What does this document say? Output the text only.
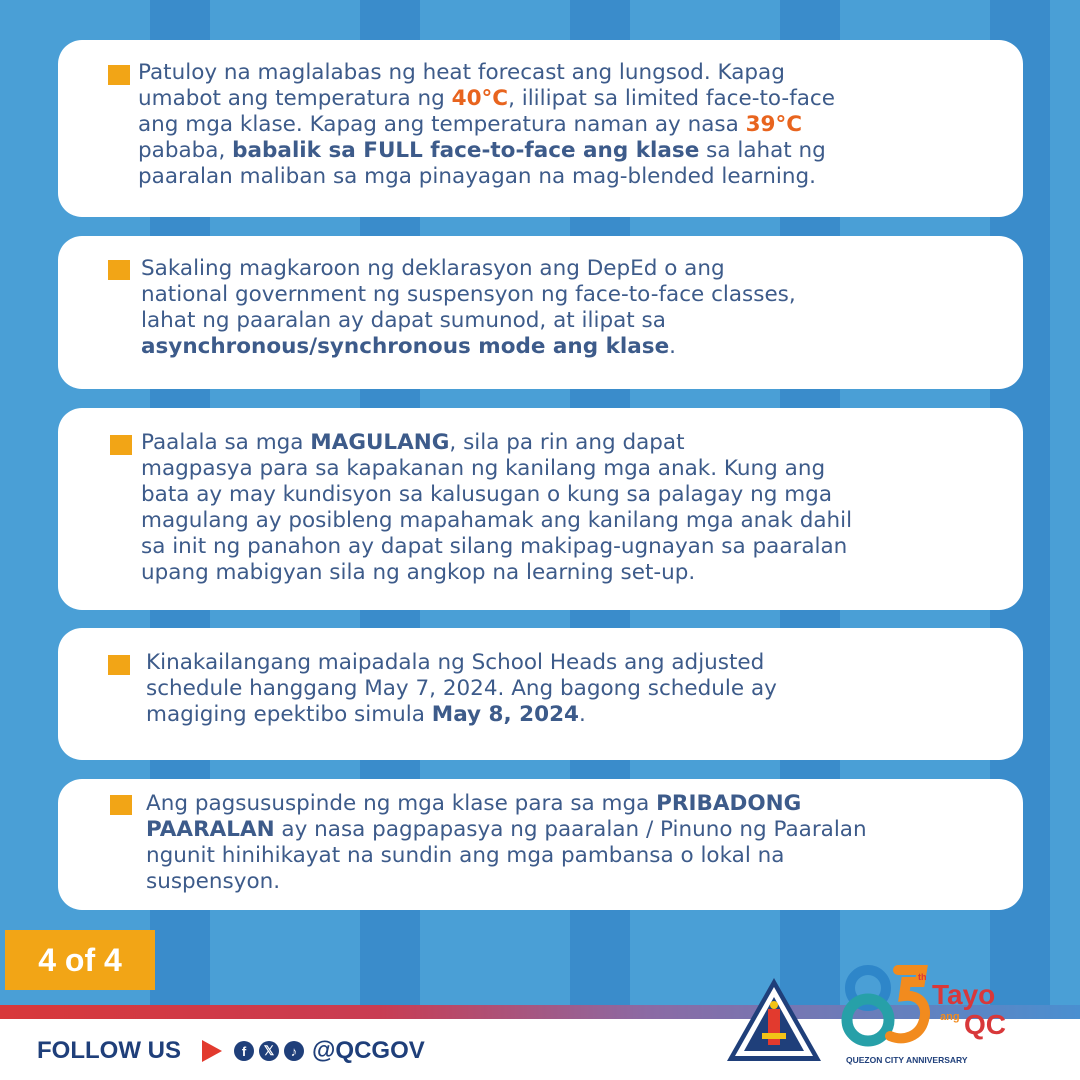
Patuloy na maglalabas ng heat forecast ang lungsod. Kapag
umabot ang temperatura ng 40°C, ililipat sa limited face-to-face
ang mga klase. Kapag ang temperatura naman ay nasa 39°C
pababa, babalik sa FULL face-to-face ang klase sa lahat ng
paaralan maliban sa mga pinayagan na mag-blended learning.
Sakaling magkaroon ng deklarasyon ang DepEd o ang
national government ng suspensyon ng face-to-face classes,
lahat ng paaralan ay dapat sumunod, at ilipat sa
asynchronous/synchronous mode ang klase.
Paalala sa mga MAGULANG, sila pa rin ang dapat
magpasya para sa kapakanan ng kanilang mga anak. Kung ang
bata ay may kundisyon sa kalusugan o kung sa palagay ng mga
magulang ay posibleng mapahamak ang kanilang mga anak dahil
sa init ng panahon ay dapat silang makipag-ugnayan sa paaralan
upang mabigyan sila ng angkop na learning set-up.
Kinakailangang maipadala ng School Heads ang adjusted
schedule hanggang May 7, 2024. Ang bagong schedule ay
magiging epektibo simula May 8, 2024.
Ang pagsususpinde ng mga klase para sa mga PRIBADONG
PAARALAN ay nasa pagpapasya ng paaralan / Pinuno ng Paaralan
ngunit hinihikayat na sundin ang mga pambansa o lokal na
suspensyon.
4 of 4
FOLLOW US	f	𝕏	♪ @QCGOV
th
Tayo
ang QC
QUEZON CITY ANNIVERSARY
